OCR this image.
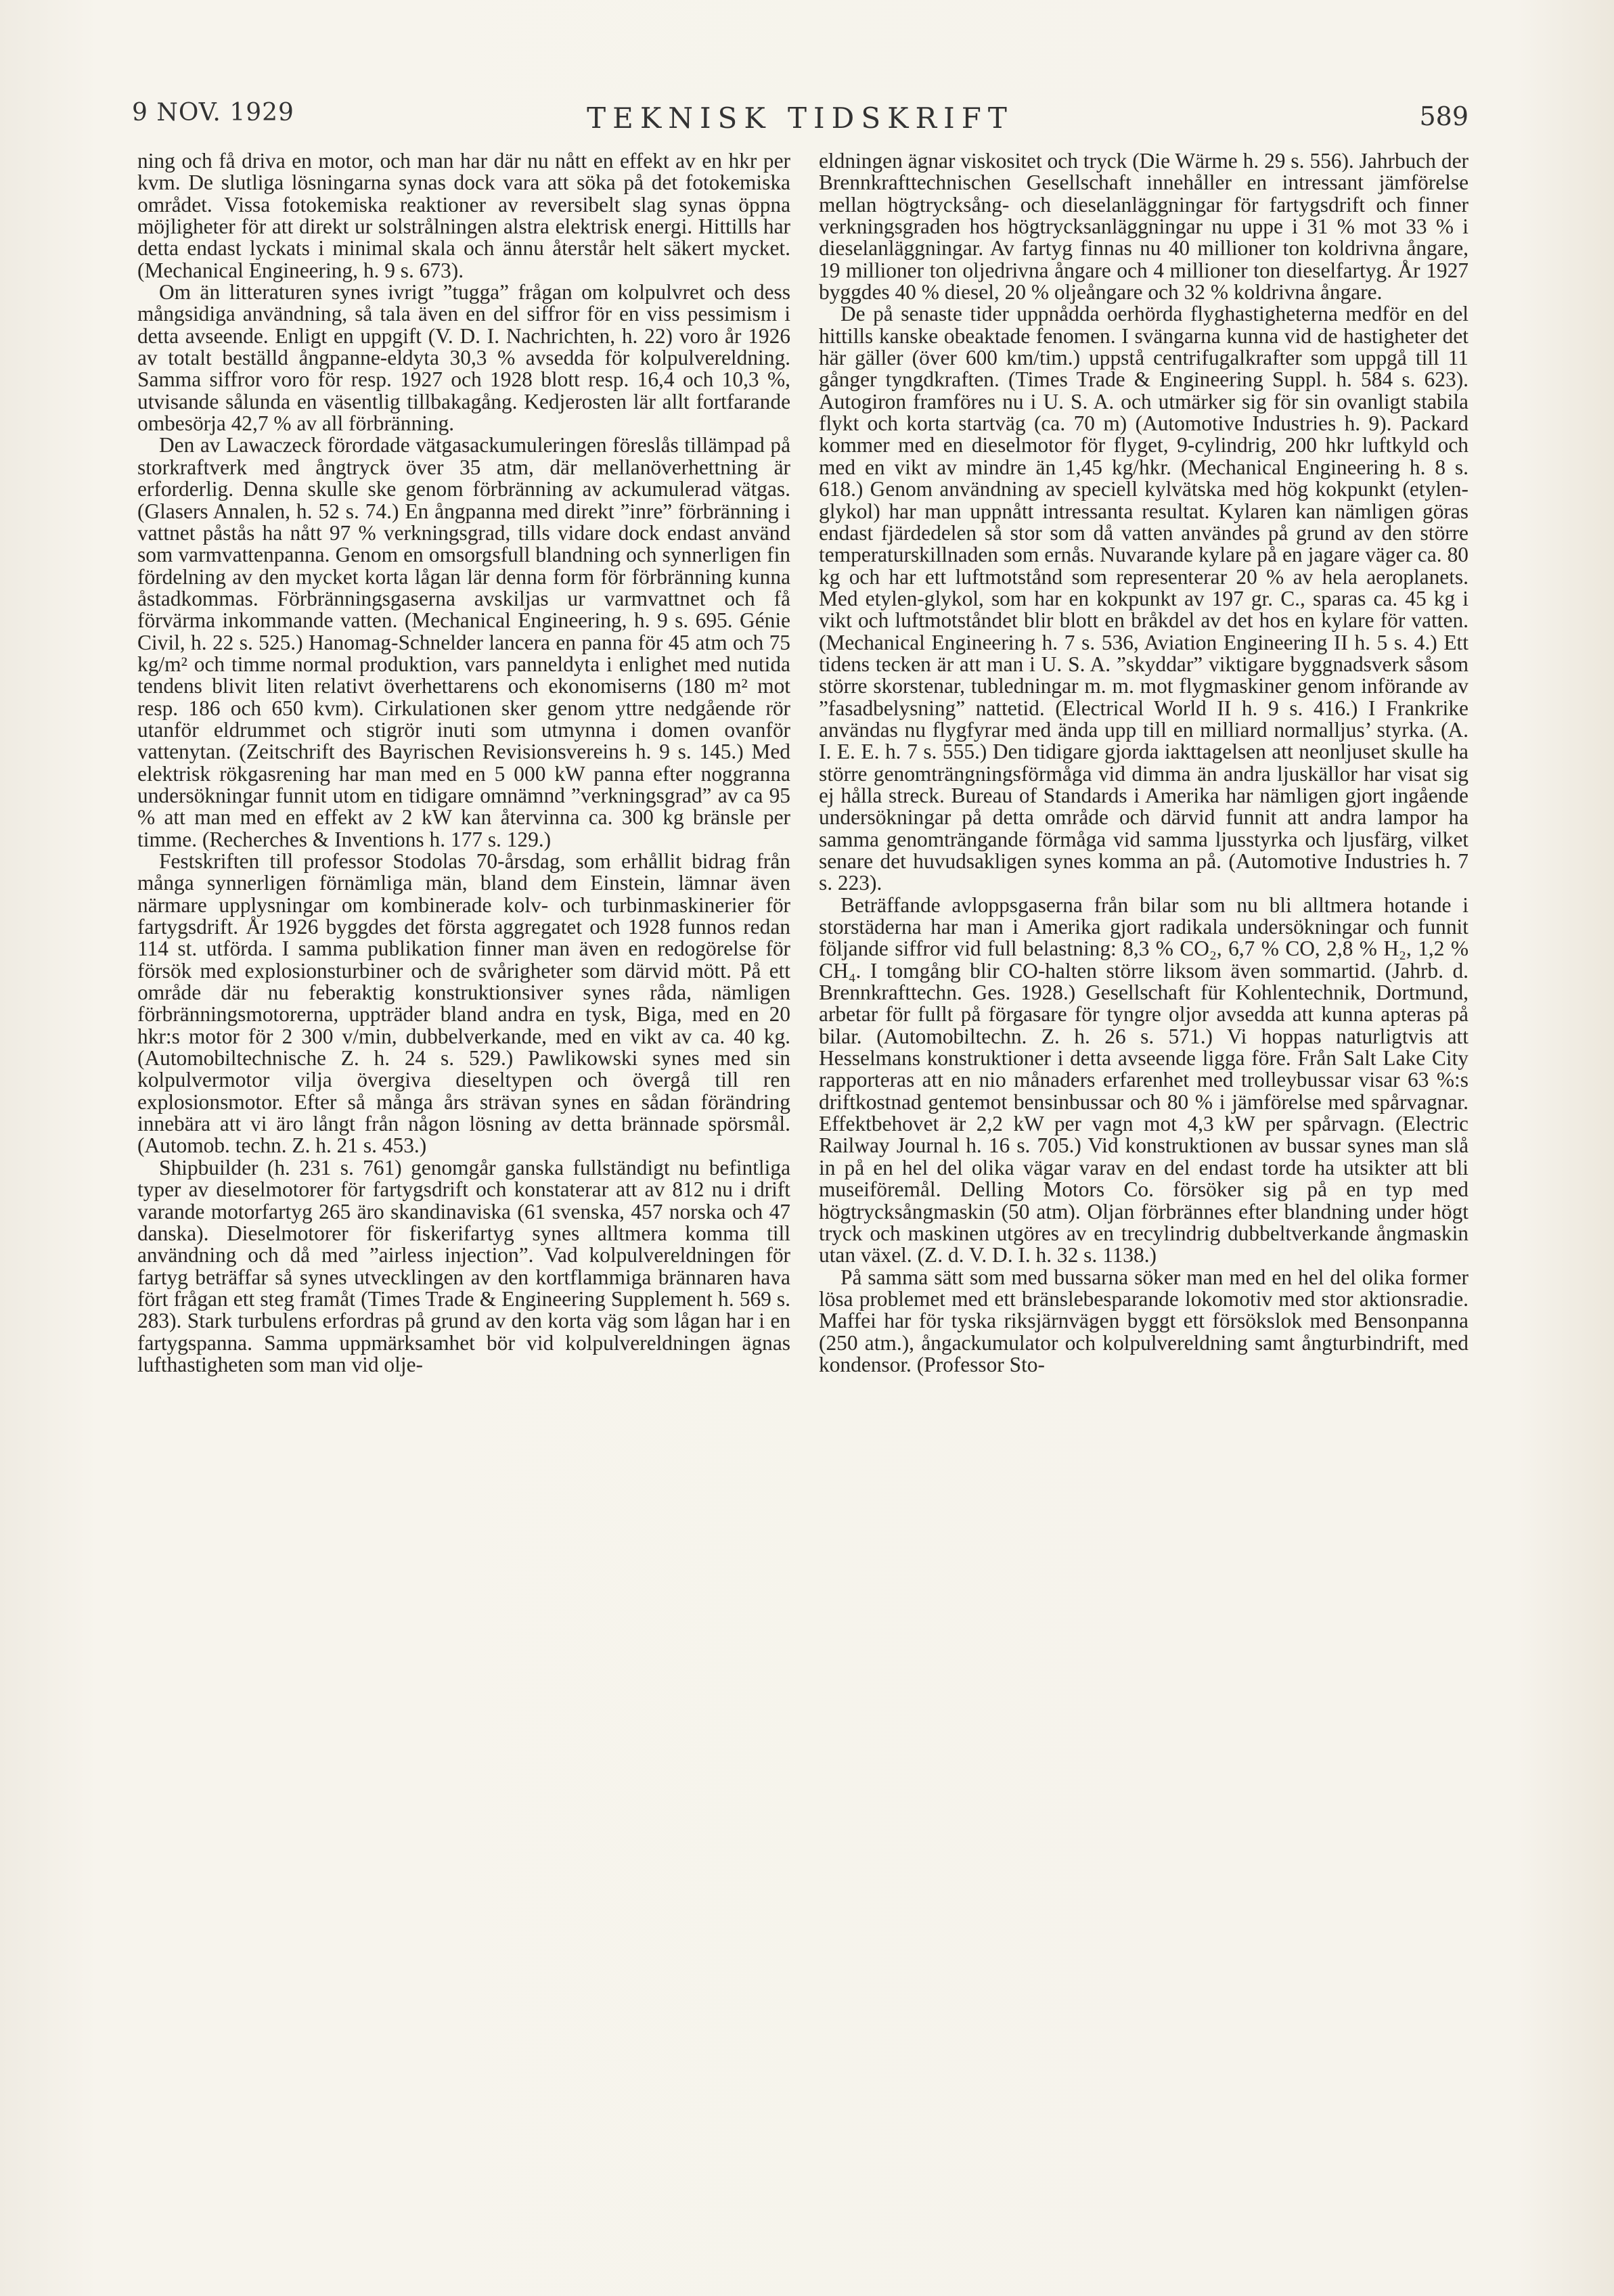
9 NOV. 1929	TEKNISK TIDSKRIFT	589

ning och få driva en motor, och man har där nu nått en effekt av en hkr per kvm. De slutliga lösningarna synas dock vara att söka på det fotokemiska området. Vissa fotokemiska reaktioner av reversibelt slag synas öppna möjligheter för att direkt ur solstrålningen alstra elektrisk energi. Hittills har detta endast lyckats i minimal skala och ännu återstår helt säkert mycket. (Mechanical Engineering, h. 9 s. 673).

Om än litteraturen synes ivrigt ”tugga” frågan om kolpulvret och dess mångsidiga användning, så tala även en del siffror för en viss pessimism i detta avseende. Enligt en uppgift (V. D. I. Nachrichten, h. 22) voro år 1926 av totalt beställd ångpanne-eldyta 30,3 % avsedda för kolpulvereldning. Samma siffror voro för resp. 1927 och 1928 blott resp. 16,4 och 10,3 %, utvisande sålunda en väsentlig tillbakagång. Kedjerosten lär allt fortfarande ombesörja 42,7 % av all förbränning.

Den av Lawaczeck förordade vätgasackumuleringen föreslås tillämpad på storkraftverk med ångtryck över 35 atm, där mellanöverhettning är erforderlig. Denna skulle ske genom förbränning av ackumulerad vätgas. (Glasers Annalen, h. 52 s. 74.) En ångpanna med direkt ”inre” förbränning i vattnet påstås ha nått 97 % verkningsgrad, tills vidare dock endast använd som varmvattenpanna. Genom en omsorgsfull blandning och synnerligen fin fördelning av den mycket korta lågan lär denna form för förbränning kunna åstadkommas. Förbränningsgaserna avskiljas ur varmvattnet och få förvärma inkommande vatten. (Mechanical Engineering, h. 9 s. 695. Génie Civil, h. 22 s. 525.) Hanomag-Schnelder lancera en panna för 45 atm och 75 kg/m² och timme normal produktion, vars panneldyta i enlighet med nutida tendens blivit liten relativt överhettarens och ekonomiserns (180 m² mot resp. 186 och 650 kvm). Cirkulationen sker genom yttre nedgående rör utanför eldrummet och stigrör inuti som utmynna i domen ovanför vattenytan. (Zeitschrift des Bayrischen Revisionsvereins h. 9 s. 145.) Med elektrisk rökgasrening har man med en 5 000 kW panna efter noggranna undersökningar funnit utom en tidigare omnämnd ”verkningsgrad” av ca 95 % att man med en effekt av 2 kW kan återvinna ca. 300 kg bränsle per timme. (Recherches & Inventions h. 177 s. 129.)

Festskriften till professor Stodolas 70-årsdag, som erhållit bidrag från många synnerligen förnämliga män, bland dem Einstein, lämnar även närmare upplysningar om kombinerade kolv- och turbinmaskinerier för fartygsdrift. År 1926 byggdes det första aggregatet och 1928 funnos redan 114 st. utförda. I samma publikation finner man även en redogörelse för försök med explosionsturbiner och de svårigheter som därvid mött. På ett område där nu feberaktig konstruktionsiver synes råda, nämligen förbränningsmotorerna, uppträder bland andra en tysk, Biga, med en 20 hkr:s motor för 2 300 v/min, dubbelverkande, med en vikt av ca. 40 kg. (Automobiltechnische Z. h. 24 s. 529.) Pawlikowski synes med sin kolpulvermotor vilja övergiva dieseltypen och övergå till ren explosionsmotor. Efter så många års strävan synes en sådan förändring innebära att vi äro långt från någon lösning av detta brännade spörsmål. (Automob. techn. Z. h. 21 s. 453.)

Shipbuilder (h. 231 s. 761) genomgår ganska fullständigt nu befintliga typer av dieselmotorer för fartygsdrift och konstaterar att av 812 nu i drift varande motorfartyg 265 äro skandinaviska (61 svenska, 457 norska och 47 danska). Dieselmotorer för fiskerifartyg synes alltmera komma till användning och då med ”airless injection”. Vad kolpulvereldningen för fartyg beträffar så synes utvecklingen av den kortflammiga brännaren hava fört frågan ett steg framåt (Times Trade & Engineering Supplement h. 569 s. 283). Stark turbulens erfordras på grund av den korta väg som lågan har i en fartygspanna. Samma uppmärksamhet bör vid kolpulvereldningen ägnas lufthastigheten som man vid olje-

eldningen ägnar viskositet och tryck (Die Wärme h. 29 s. 556). Jahrbuch der Brennkrafttechnischen Gesellschaft innehåller en intressant jämförelse mellan högtrycksång- och dieselanläggningar för fartygsdrift och finner verkningsgraden hos högtrycksanläggningar nu uppe i 31 % mot 33 % i dieselanläggningar. Av fartyg finnas nu 40 millioner ton koldrivna ångare, 19 millioner ton oljedrivna ångare och 4 millioner ton dieselfartyg. År 1927 byggdes 40 % diesel, 20 % oljeångare och 32 % koldrivna ångare.

De på senaste tider uppnådda oerhörda flyghastigheterna medför en del hittills kanske obeaktade fenomen. I svängarna kunna vid de hastigheter det här gäller (över 600 km/tim.) uppstå centrifugalkrafter som uppgå till 11 gånger tyngdkraften. (Times Trade & Engineering Suppl. h. 584 s. 623). Autogiron framföres nu i U. S. A. och utmärker sig för sin ovanligt stabila flykt och korta startväg (ca. 70 m) (Automotive Industries h. 9). Packard kommer med en dieselmotor för flyget, 9-cylindrig, 200 hkr luftkyld och med en vikt av mindre än 1,45 kg/hkr. (Mechanical Engineering h. 8 s. 618.) Genom användning av speciell kylvätska med hög kokpunkt (etylen-glykol) har man uppnått intressanta resultat. Kylaren kan nämligen göras endast fjärdedelen så stor som då vatten användes på grund av den större temperaturskillnaden som ernås. Nuvarande kylare på en jagare väger ca. 80 kg och har ett luftmotstånd som representerar 20 % av hela aeroplanets. Med etylen-glykol, som har en kokpunkt av 197 gr. C., sparas ca. 45 kg i vikt och luftmotståndet blir blott en bråkdel av det hos en kylare för vatten. (Mechanical Engineering h. 7 s. 536, Aviation Engineering II h. 5 s. 4.) Ett tidens tecken är att man i U. S. A. ”skyddar” viktigare byggnadsverk såsom större skorstenar, tubledningar m. m. mot flygmaskiner genom införande av ”fasadbelysning” nattetid. (Electrical World II h. 9 s. 416.) I Frankrike användas nu flygfyrar med ända upp till en milliard normalljus’ styrka. (A. I. E. E. h. 7 s. 555.) Den tidigare gjorda iakttagelsen att neonljuset skulle ha större genomträngningsförmåga vid dimma än andra ljuskällor har visat sig ej hålla streck. Bureau of Standards i Amerika har nämligen gjort ingående undersökningar på detta område och därvid funnit att andra lampor ha samma genomträngande förmåga vid samma ljusstyrka och ljusfärg, vilket senare det huvudsakligen synes komma an på. (Automotive Industries h. 7 s. 223).

Beträffande avloppsgaserna från bilar som nu bli alltmera hotande i storstäderna har man i Amerika gjort radikala undersökningar och funnit följande siffror vid full belastning: 8,3 % CO₂, 6,7 % CO, 2,8 % H₂, 1,2 % CH₄. I tomgång blir CO-halten större liksom även sommartid. (Jahrb. d. Brennkrafttechn. Ges. 1928.) Gesellschaft für Kohlentechnik, Dortmund, arbetar för fullt på förgasare för tyngre oljor avsedda att kunna apteras på bilar. (Automobiltechn. Z. h. 26 s. 571.) Vi hoppas naturligtvis att Hesselmans konstruktioner i detta avseende ligga före. Från Salt Lake City rapporteras att en nio månaders erfarenhet med trolleybussar visar 63 %:s driftkostnad gentemot bensinbussar och 80 % i jämförelse med spårvagnar. Effektbehovet är 2,2 kW per vagn mot 4,3 kW per spårvagn. (Electric Railway Journal h. 16 s. 705.) Vid konstruktionen av bussar synes man slå in på en hel del olika vägar varav en del endast torde ha utsikter att bli museiföremål. Delling Motors Co. försöker sig på en typ med högtrycksångmaskin (50 atm). Oljan förbrännes efter blandning under högt tryck och maskinen utgöres av en trecylindrig dubbeltverkande ångmaskin utan växel. (Z. d. V. D. I. h. 32 s. 1138.)

På samma sätt som med bussarna söker man med en hel del olika former lösa problemet med ett bränslebesparande lokomotiv med stor aktionsradie. Maffei har för tyska riksjärnvägen byggt ett försökslok med Bensonpanna (250 atm.), ångackumulator och kolpulvereldning samt ångturbindrift, med kondensor. (Professor Sto-
